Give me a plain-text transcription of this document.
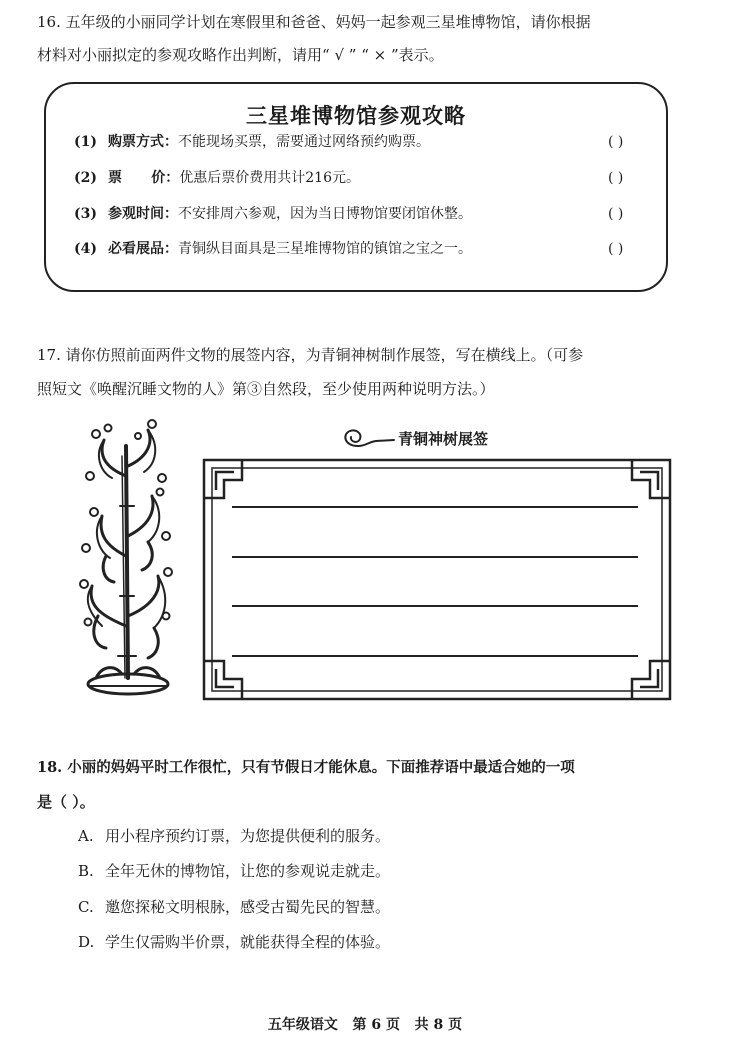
16. 五年级的小丽同学计划在寒假里和爸爸、妈妈一起参观三星堆博物馆，请你根据
材料对小丽拟定的参观攻略作出判断，请用“ √ ” “ × ”表示。
三星堆博物馆参观攻略
(1) 购票方式：不能现场买票，需要通过网络预约购票。	( )
(2) 票      价：优惠后票价费用共计216元。	( )
(3) 参观时间：不安排周六参观，因为当日博物馆要闭馆休整。	( )
(4) 必看展品：青铜纵目面具是三星堆博物馆的镇馆之宝之一。	( )
17. 请你仿照前面两件文物的展签内容，为青铜神树制作展签，写在横线上。（可参
照短文《唤醒沉睡文物的人》第③自然段，至少使用两种说明方法。）
青铜神树展签
18. 小丽的妈妈平时工作很忙，只有节假日才能休息。下面推荐语中最适合她的一项
是（ ）。
A. 用小程序预约订票，为您提供便利的服务。
B. 全年无休的博物馆，让您的参观说走就走。
C. 邀您探秘文明根脉，感受古蜀先民的智慧。
D. 学生仅需购半价票，就能获得全程的体验。
五年级语文   第 6 页   共 8 页
